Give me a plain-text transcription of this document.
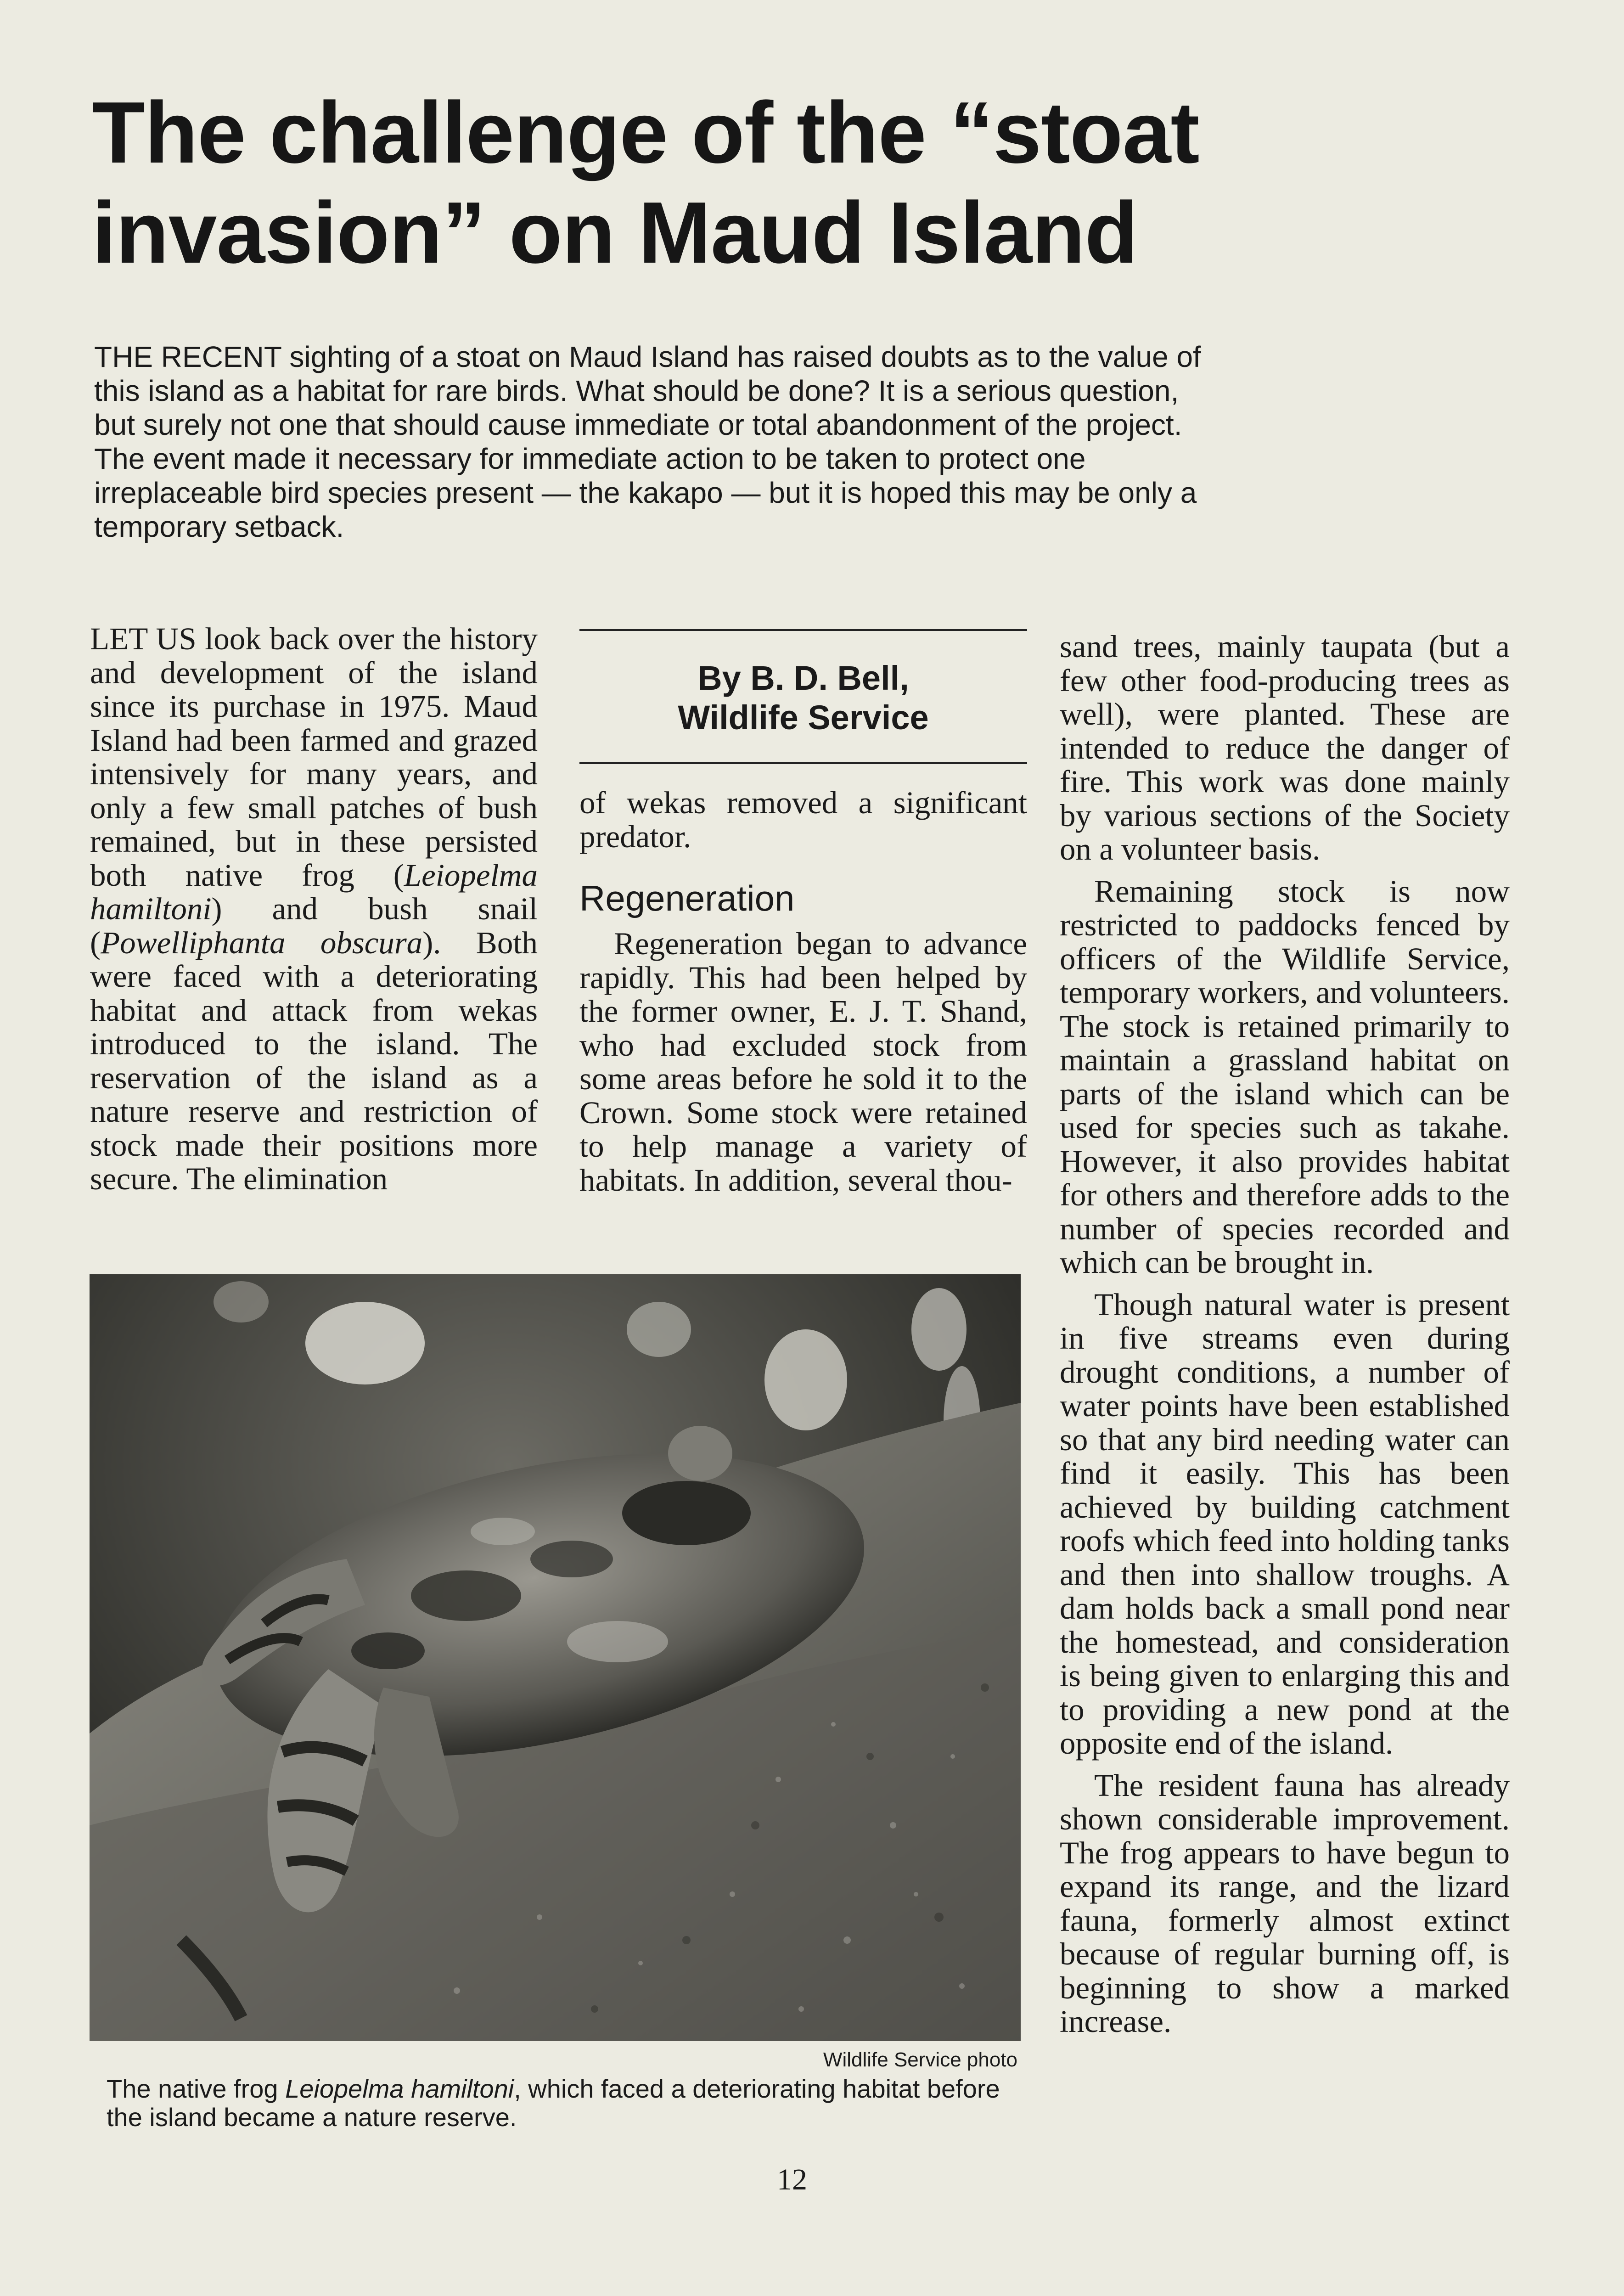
The challenge of the “stoat
invasion” on Maud Island
THE RECENT sighting of a stoat on Maud Island has raised doubts as to the value of this island as a habitat for rare birds. What should be done? It is a serious question, but surely not one that should cause immediate or total abandonment of the project. The event made it necessary for immediate action to be taken to protect one irreplaceable bird species present — the kakapo — but it is hoped this may be only a temporary setback.

LET US look back over the history and development of the island since its purchase in 1975. Maud Island had been farmed and grazed intensively for many years, and only a few small patches of bush remained, but in these persisted both native frog (Leiopelma hamiltoni) and bush snail (Powelliphanta obscura). Both were faced with a deteriorating habitat and attack from wekas introduced to the island. The reservation of the island as a nature reserve and restriction of stock made their positions more secure. The elimination

By B. D. Bell,
Wildlife Service

of wekas removed a significant predator.

Regeneration

Regeneration began to advance rapidly. This had been helped by the former owner, E. J. T. Shand, who had excluded stock from some areas before he sold it to the Crown. Some stock were retained to help manage a variety of habitats. In addition, several thou-

sand trees, mainly taupata (but a few other food-producing trees as well), were planted. These are intended to reduce the danger of fire. This work was done mainly by various sections of the Society on a volunteer basis.

Remaining stock is now restricted to paddocks fenced by officers of the Wildlife Service, temporary workers, and volunteers. The stock is retained primarily to maintain a grassland habitat on parts of the island which can be used for species such as takahe. However, it also provides habitat for others and therefore adds to the number of species recorded and which can be brought in.

Though natural water is present in five streams even during drought conditions, a number of water points have been established so that any bird needing water can find it easily. This has been achieved by building catchment roofs which feed into holding tanks and then into shallow troughs. A dam holds back a small pond near the homestead, and consideration is being given to enlarging this and to providing a new pond at the opposite end of the island.

The resident fauna has already shown considerable improvement. The frog appears to have begun to expand its range, and the lizard fauna, formerly almost extinct because of regular burning off, is beginning to show a marked increase.

Wildlife Service photo
The native frog Leiopelma hamiltoni, which faced a deteriorating habitat before the island became a nature reserve.
12
